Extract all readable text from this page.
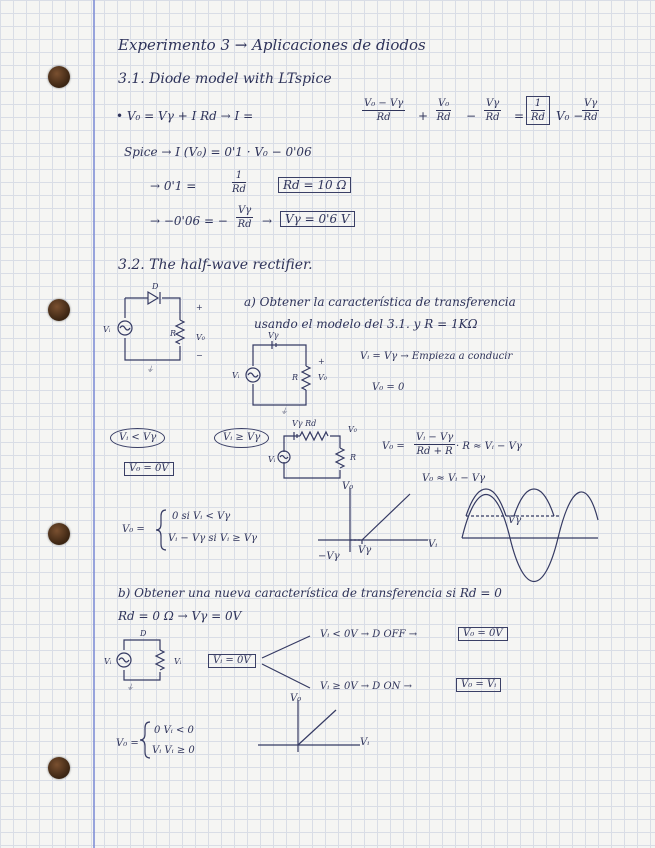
Experimento 3 → Aplicaciones de diodos
3.1. Diode model with LTspice
• V₀ = Vγ + I Rd → I =	$\frac{\text{V₀ − Vγ}}{Rd} + \frac{\text{V₀}}{Rd} - \frac{V\gamma}{Rd} = \frac{1}{Rd} V_0$ −
$\frac{V\gamma}{Rd}$
Spice → I (V₀) = 0'1 · V₀ − 0'06
→ 0'1 =	$\frac{1}{Rd}$	Rd = 10 Ω
→ −0'06 = − $\frac{V\gamma}{Rd}$ →	Vγ = 0'6 V
3.2. The half-wave rectifier.
D
Vᵢ	R V₀
+
−
⏚
Vγ
Vᵢ	R V₀
+
⏚
Vγ Rd
V₀
R
Vᵢ
D
Vᵢ	Vᵢ
⏚
a) Obtener la característica de transferencia
usando el modelo del 3.1. y R = 1KΩ
Vᵢ = Vγ → Empieza a conducir
V₀ = 0
Vᵢ < Vγ
V₀ = 0V
Vᵢ ≥ Vγ
$V_0 = \frac{\text{Vᵢ − Vγ}}{Rd + R} \cdot R$ ≈ Vᵢ − Vγ
V₀ ≈ Vᵢ − Vγ
V₀ =
0 si Vᵢ < Vγ
Vᵢ − Vγ si Vᵢ ≥ Vγ
V₀
Vᵢ
Vγ
−Vγ
Vγ
b) Obtener una nueva característica de transferencia si Rd = 0
Rd = 0 Ω → Vγ = 0V
Vᵢ = 0V
Vᵢ < 0V → D OFF →	V₀ = 0V
Vᵢ ≥ 0V → D ON →	V₀ = Vᵢ
V₀ =
0 Vᵢ < 0
Vᵢ Vᵢ ≥ 0
V₀
Vᵢ
